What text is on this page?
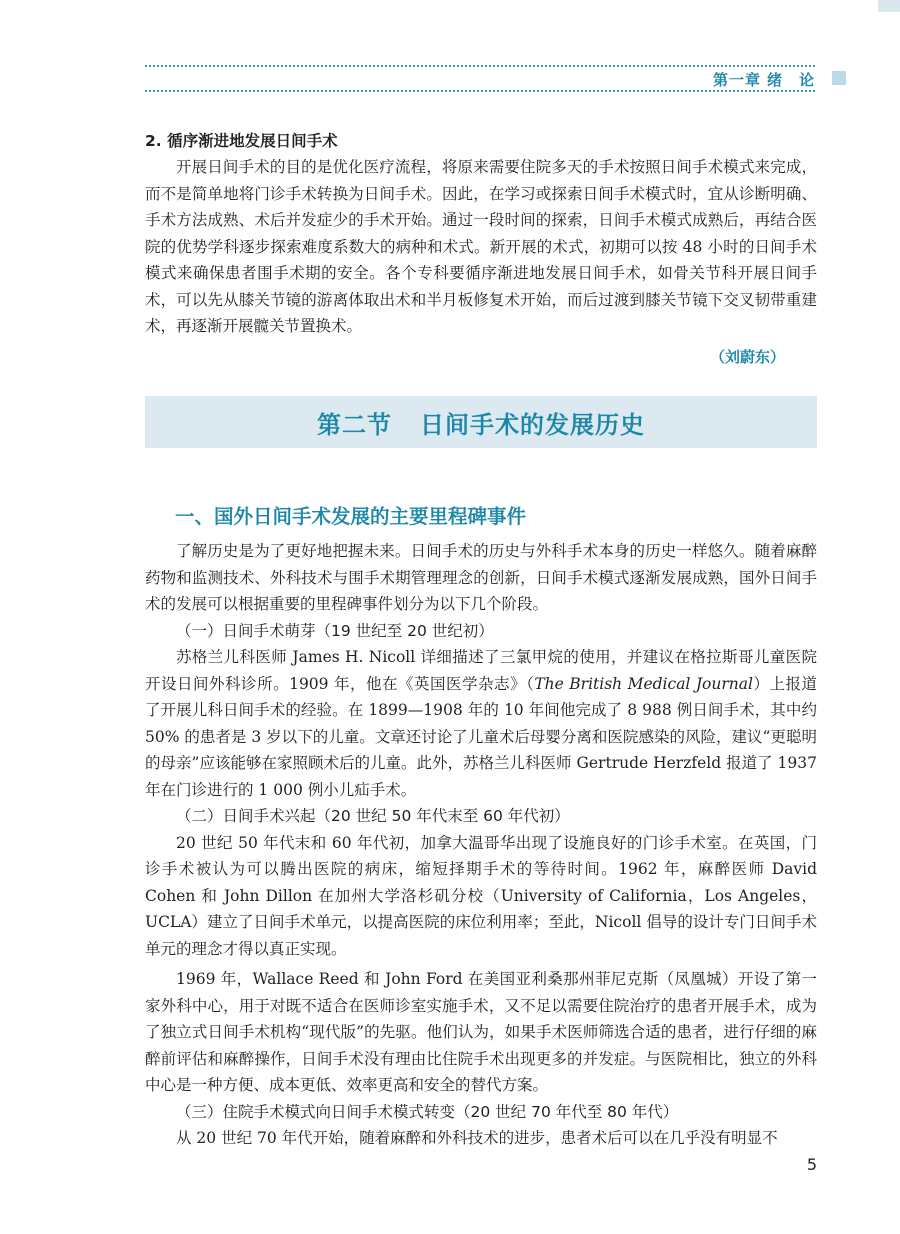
第一章 绪　论
2. 循序渐进地发展日间手术

开展日间手术的目的是优化医疗流程，将原来需要住院多天的手术按照日间手术模式来完成，而不是简单地将门诊手术转换为日间手术。因此，在学习或探索日间手术模式时，宜从诊断明确、手术方法成熟、术后并发症少的手术开始。通过一段时间的探索，日间手术模式成熟后，再结合医院的优势学科逐步探索难度系数大的病种和术式。新开展的术式，初期可以按 48 小时的日间手术模式来确保患者围手术期的安全。各个专科要循序渐进地发展日间手术，如骨关节科开展日间手术，可以先从膝关节镜的游离体取出术和半月板修复术开始，而后过渡到膝关节镜下交叉韧带重建术，再逐渐开展髋关节置换术。

（刘蔚东）
第二节 日间手术的发展历史
一、国外日间手术发展的主要里程碑事件

了解历史是为了更好地把握未来。日间手术的历史与外科手术本身的历史一样悠久。随着麻醉药物和监测技术、外科技术与围手术期管理理念的创新，日间手术模式逐渐发展成熟，国外日间手术的发展可以根据重要的里程碑事件划分为以下几个阶段。

（一）日间手术萌芽（19 世纪至 20 世纪初）

苏格兰儿科医师 James H. Nicoll 详细描述了三氯甲烷的使用，并建议在格拉斯哥儿童医院开设日间外科诊所。1909 年，他在《英国医学杂志》（The British Medical Journal）上报道了开展儿科日间手术的经验。在 1899—1908 年的 10 年间他完成了 8 988 例日间手术，其中约 50% 的患者是 3 岁以下的儿童。文章还讨论了儿童术后母婴分离和医院感染的风险，建议“更聪明的母亲”应该能够在家照顾术后的儿童。此外，苏格兰儿科医师 Gertrude Herzfeld 报道了 1937 年在门诊进行的 1 000 例小儿疝手术。

（二）日间手术兴起（20 世纪 50 年代末至 60 年代初）

20 世纪 50 年代末和 60 年代初，加拿大温哥华出现了设施良好的门诊手术室。在英国，门诊手术被认为可以腾出医院的病床，缩短择期手术的等待时间。1962 年，麻醉医师 David Cohen 和 John Dillon 在加州大学洛杉矶分校（University of California，Los Angeles，UCLA）建立了日间手术单元，以提高医院的床位利用率；至此，Nicoll 倡导的设计专门日间手术单元的理念才得以真正实现。

1969 年，Wallace Reed 和 John Ford 在美国亚利桑那州菲尼克斯（凤凰城）开设了第一家外科中心，用于对既不适合在医师诊室实施手术，又不足以需要住院治疗的患者开展手术，成为了独立式日间手术机构“现代版”的先驱。他们认为，如果手术医师筛选合适的患者，进行仔细的麻醉前评估和麻醉操作，日间手术没有理由比住院手术出现更多的并发症。与医院相比，独立的外科中心是一种方便、成本更低、效率更高和安全的替代方案。

（三）住院手术模式向日间手术模式转变（20 世纪 70 年代至 80 年代）

从 20 世纪 70 年代开始，随着麻醉和外科技术的进步，患者术后可以在几乎没有明显不

5
